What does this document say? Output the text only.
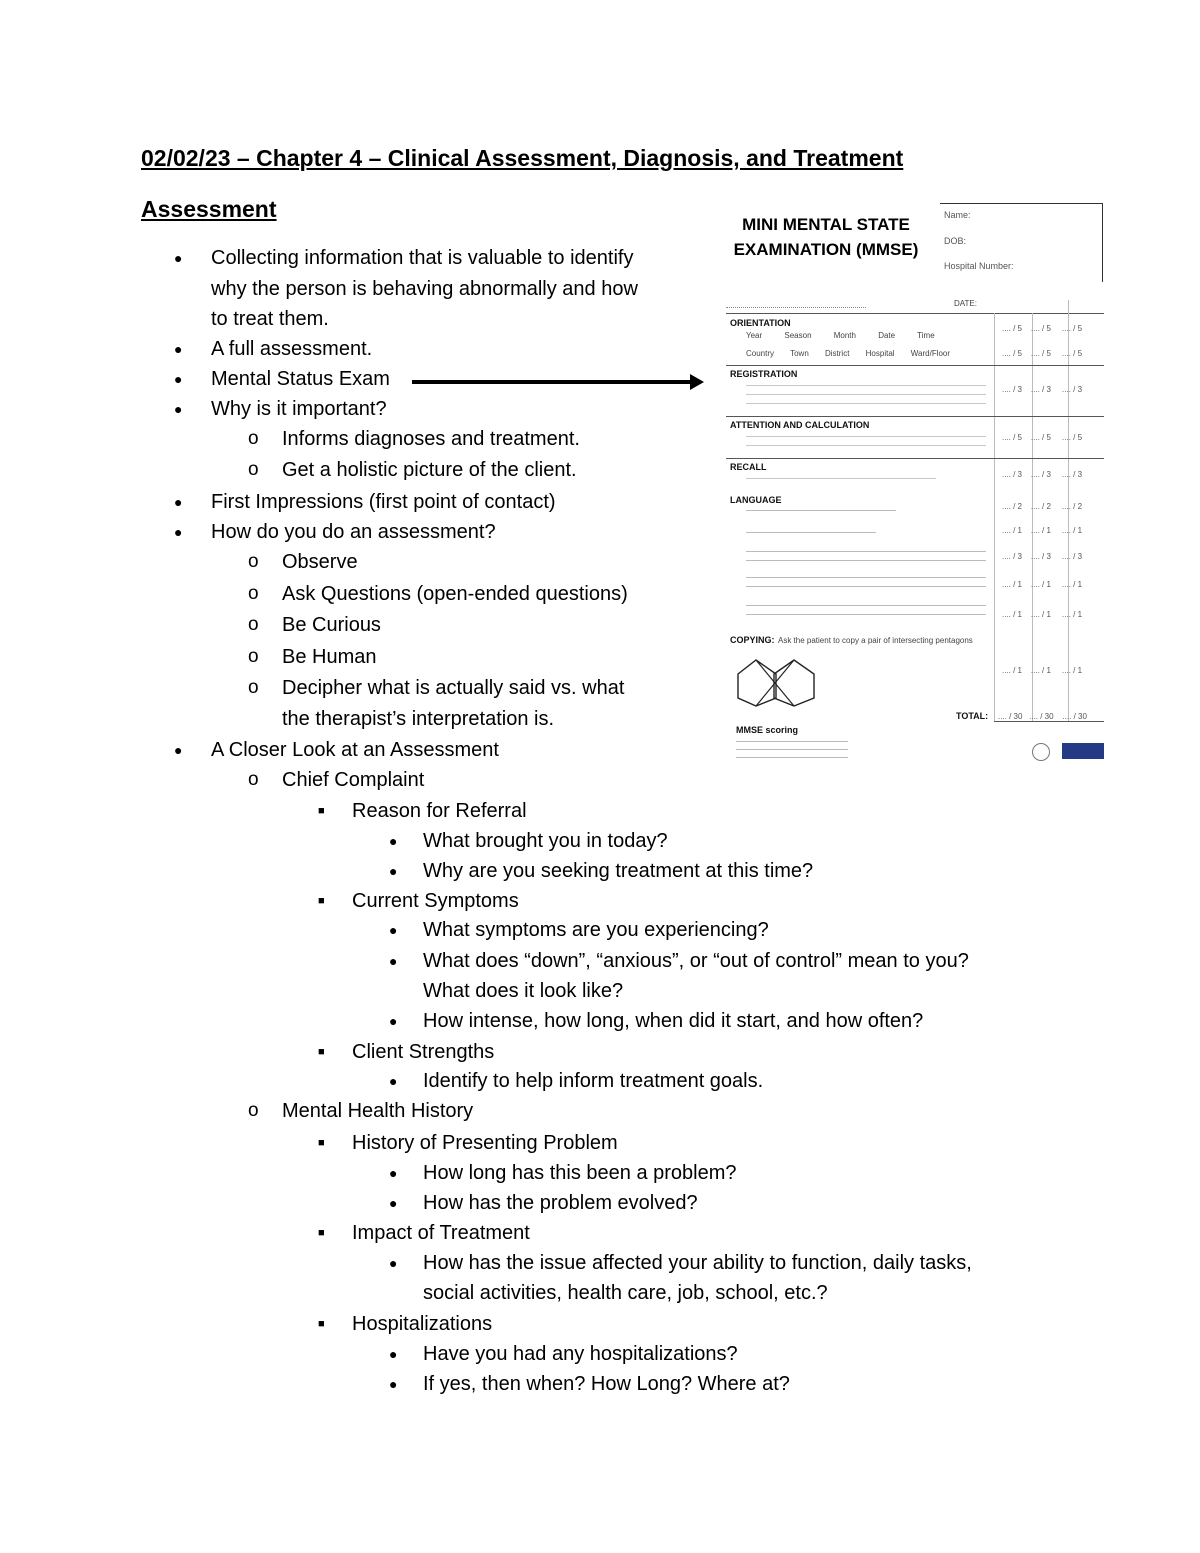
02/02/23 – Chapter 4 – Clinical Assessment, Diagnosis, and Treatment
Assessment
● Collecting information that is valuable to identify
why the person is behaving abnormally and how
to treat them.
● A full assessment.
● Mental Status Exam
● Why is it important?
o Informs diagnoses and treatment.
o Get a holistic picture of the client.
● First Impressions (first point of contact)
● How do you do an assessment?
o Observe
o Ask Questions (open-ended questions)
o Be Curious
o Be Human
o Decipher what is actually said vs. what
the therapist’s interpretation is.
● A Closer Look at an Assessment
o Chief Complaint
■ Reason for Referral
● What brought you in today?
● Why are you seeking treatment at this time?
■ Current Symptoms
● What symptoms are you experiencing?
● What does “down”, “anxious”, or “out of control” mean to you?
What does it look like?
● How intense, how long, when did it start, and how often?
■ Client Strengths
● Identify to help inform treatment goals.
o Mental Health History
■ History of Presenting Problem
● How long has this been a problem?
● How has the problem evolved?
■ Impact of Treatment
● How has the issue affected your ability to function, daily tasks,
social activities, health care, job, school, etc.?
■ Hospitalizations
● Have you had any hospitalizations?
● If yes, then when? How Long? Where at?
MINI MENTAL STATE EXAMINATION (MMSE)
Name:
DOB:
Hospital Number:
DATE:
ORIENTATION
Year Season Month Date Time
Country Town District Hospital Ward/Floor
.... / 5    .... / 5     .... / 5
.... / 5    .... / 5     .... / 5
REGISTRATION
.... / 3    .... / 3     .... / 3
ATTENTION AND CALCULATION
.... / 5    .... / 5     .... / 5
RECALL
.... / 3    .... / 3     .... / 3
LANGUAGE
.... / 2    .... / 2     .... / 2
.... / 1    .... / 1     .... / 1
.... / 3    .... / 3     .... / 3
.... / 1    .... / 1     .... / 1
.... / 1    .... / 1     .... / 1
COPYING: Ask the patient to copy a pair of intersecting pentagons
.... / 1    .... / 1     .... / 1
TOTAL: .... / 30   .... / 30    .... / 30
MMSE scoring
